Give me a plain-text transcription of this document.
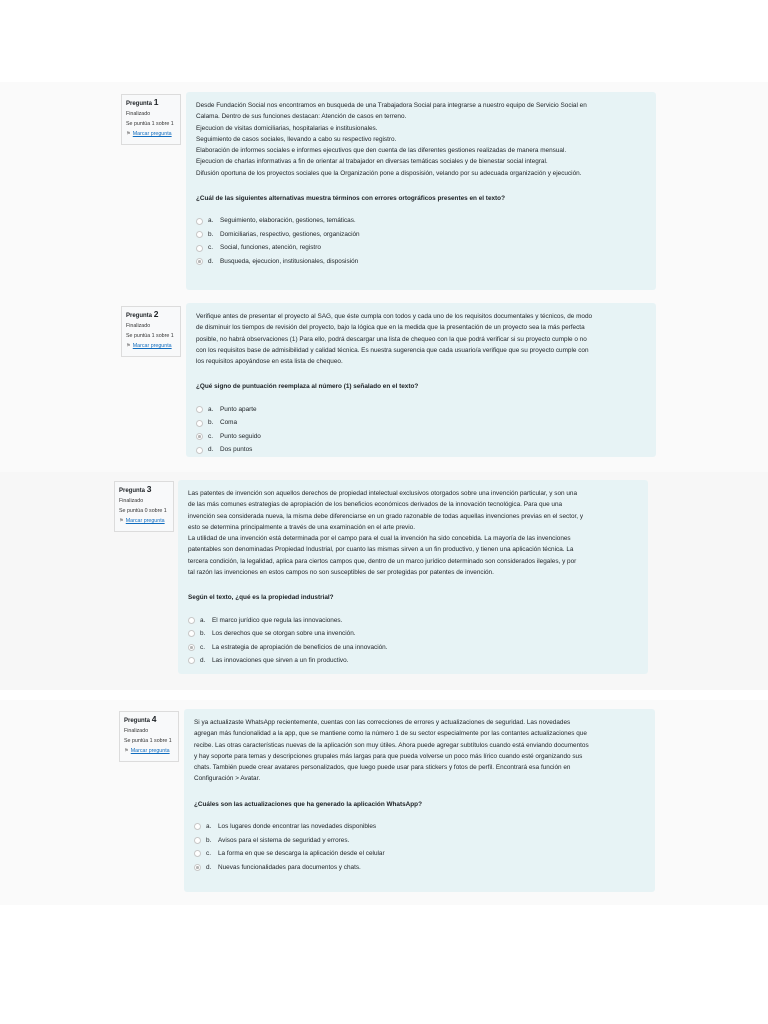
Pregunta 1
Finalizado
Se puntúa 1 sobre 1
⚑ Marcar pregunta

Desde Fundación Social nos encontramos en busqueda de una Trabajadora Social para integrarse a nuestro equipo de Servicio Social en

Calama. Dentro de sus funciones destacan: Atención de casos en terreno.

Ejecucion de visitas domiciliarias, hospitalarias e institusionales.

Seguimiento de casos sociales, llevando a cabo su respectivo registro.

Elaboración de informes sociales e informes ejecutivos que den cuenta de las diferentes gestiones realizadas de manera mensual.

Ejecucion de charlas informativas a fin de orientar al trabajador en diversas temáticas sociales y de bienestar social integral.

Difusión oportuna de los proyectos sociales que la Organización pone a disposisión, velando por su adecuada organización y ejecución.

¿Cuál de las siguientes alternativas muestra términos con errores ortográficos presentes en el texto?
a.	Seguimiento, elaboración, gestiones, temáticas.
b.	Domiciliarias, respectivo, gestiones, organización
c.	Social, funciones, atención, registro
d.	Busqueda, ejecucion, institusionales, disposisión
Pregunta 2
Finalizado
Se puntúa 1 sobre 1
⚑ Marcar pregunta

Verifique antes de presentar el proyecto al SAG, que éste cumpla con todos y cada uno de los requisitos documentales y técnicos, de modo

de disminuir los tiempos de revisión del proyecto, bajo la lógica que en la medida que la presentación de un proyecto sea la más perfecta

posible, no habrá observaciones (1) Para ello, podrá descargar una lista de chequeo con la que podrá verificar si su proyecto cumple o no

con los requisitos base de admisibilidad y calidad técnica. Es nuestra sugerencia que cada usuario/a verifique que su proyecto cumple con

los requisitos apoyándose en esta lista de chequeo.

¿Qué signo de puntuación reemplaza al número (1) señalado en el texto?
a.	Punto aparte
b.	Coma
c.	Punto seguido
d.	Dos puntos
Pregunta 3
Finalizado
Se puntúa 0 sobre 1
⚑ Marcar pregunta

Las patentes de invención son aquellos derechos de propiedad intelectual exclusivos otorgados sobre una invención particular, y son una

de las más comunes estrategias de apropiación de los beneficios económicos derivados de la innovación tecnológica. Para que una

invención sea considerada nueva, la misma debe diferenciarse en un grado razonable de todas aquellas invenciones previas en el sector, y

esto se determina principalmente a través de una examinación en el arte previo.

La utilidad de una invención está determinada por el campo para el cual la invención ha sido concebida. La mayoría de las invenciones

patentables son denominadas Propiedad Industrial, por cuanto las mismas sirven a un fin productivo, y tienen una aplicación técnica. La

tercera condición, la legalidad, aplica para ciertos campos que, dentro de un marco jurídico determinado son considerados ilegales, y por

tal razón las invenciones en estos campos no son susceptibles de ser protegidas por patentes de invención.

Según el texto, ¿qué es la propiedad industrial?
a.	El marco jurídico que regula las innovaciones.
b.	Los derechos que se otorgan sobre una invención.
c.	La estrategia de apropiación de beneficios de una innovación.
d.	Las innovaciones que sirven a un fin productivo.
Pregunta 4
Finalizado
Se puntúa 1 sobre 1
⚑ Marcar pregunta

Si ya actualizaste WhatsApp recientemente, cuentas con las correcciones de errores y actualizaciones de seguridad. Las novedades

agregan más funcionalidad a la app, que se mantiene como la número 1 de su sector especialmente por las contantes actualizaciones que

recibe. Las otras características nuevas de la aplicación son muy útiles. Ahora puede agregar subtítulos cuando está enviando documentos

y hay soporte para temas y descripciones grupales más largas para que pueda volverse un poco más lírico cuando esté organizando sus

chats. También puede crear avatares personalizados, que luego puede usar para stickers y fotos de perfil. Encontrará esa función en

Configuración > Avatar.

¿Cuáles son las actualizaciones que ha generado la aplicación WhatsApp?
a.	Los lugares donde encontrar las novedades disponibles
b.	Avisos para el sistema de seguridad y errores.
c.	La forma en que se descarga la aplicación desde el celular
d.	Nuevas funcionalidades para documentos y chats.
